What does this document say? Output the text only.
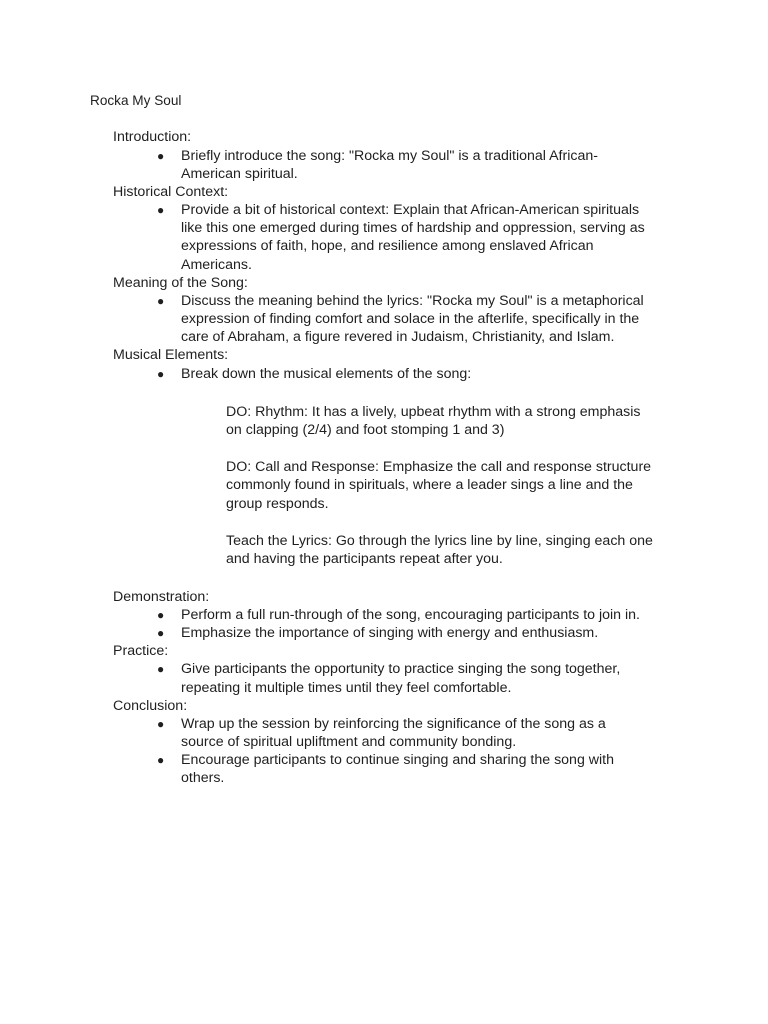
Rocka My Soul
Introduction:
● Briefly introduce the song: "Rocka my Soul" is a traditional African-
American spiritual.
Historical Context:
● Provide a bit of historical context: Explain that African-American spirituals
like this one emerged during times of hardship and oppression, serving as
expressions of faith, hope, and resilience among enslaved African
Americans.
Meaning of the Song:
● Discuss the meaning behind the lyrics: "Rocka my Soul" is a metaphorical
expression of finding comfort and solace in the afterlife, specifically in the
care of Abraham, a figure revered in Judaism, Christianity, and Islam.
Musical Elements:
● Break down the musical elements of the song:
DO: Rhythm: It has a lively, upbeat rhythm with a strong emphasis
on clapping (2/4) and foot stomping 1 and 3)
DO: Call and Response: Emphasize the call and response structure
commonly found in spirituals, where a leader sings a line and the
group responds.
Teach the Lyrics: Go through the lyrics line by line, singing each one
and having the participants repeat after you.
Demonstration:
● Perform a full run-through of the song, encouraging participants to join in.
● Emphasize the importance of singing with energy and enthusiasm.
Practice:
● Give participants the opportunity to practice singing the song together,
repeating it multiple times until they feel comfortable.
Conclusion:
● Wrap up the session by reinforcing the significance of the song as a
source of spiritual upliftment and community bonding.
● Encourage participants to continue singing and sharing the song with
others.
